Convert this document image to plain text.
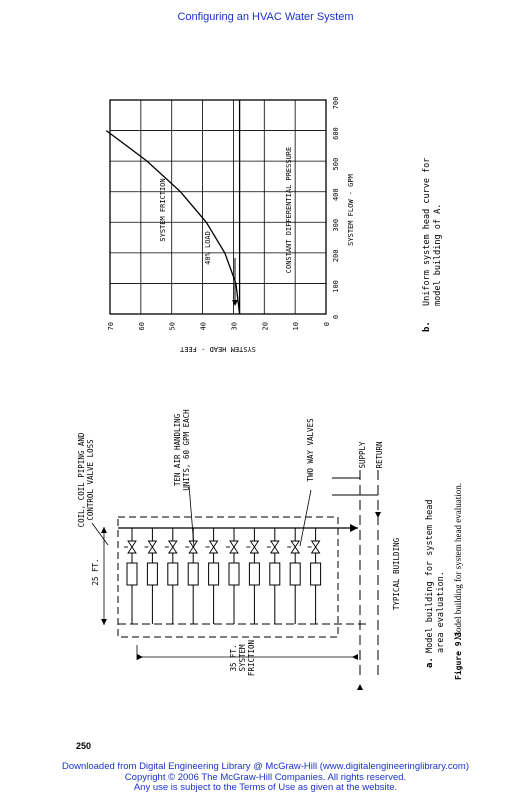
Configuring an HVAC Water System
0
10
20
30
40
50
60
70
0
100
200
300
400
500
600
700
40% LOAD
SYSTEM FRICTION	CONSTANT DIFFERENTIAL PRESSURE	SYSTEM FLOW - GPM
SYSTEM HEAD - FEET
b.
Uniform system head curve for model building of A.
COIL, COIL PIPING AND CONTROL VALVE LOSS	TEN AIR HANDLING UNITS, 60 GPM EACH	TWO WAY VALVES
25 FT.
35 FT. SYSTEM FRICTION
SUPPLY RETURN
TYPICAL BUILDING
a.
Model building for system head area evaluation.
Figure 9.3
Model building for system head evaluation.
250
Downloaded from Digital Engineering Library @ McGraw-Hill (www.digitalengineeringlibrary.com)
Copyright © 2006 The McGraw-Hill Companies. All rights reserved.
Any use is subject to the Terms of Use as given at the website.
